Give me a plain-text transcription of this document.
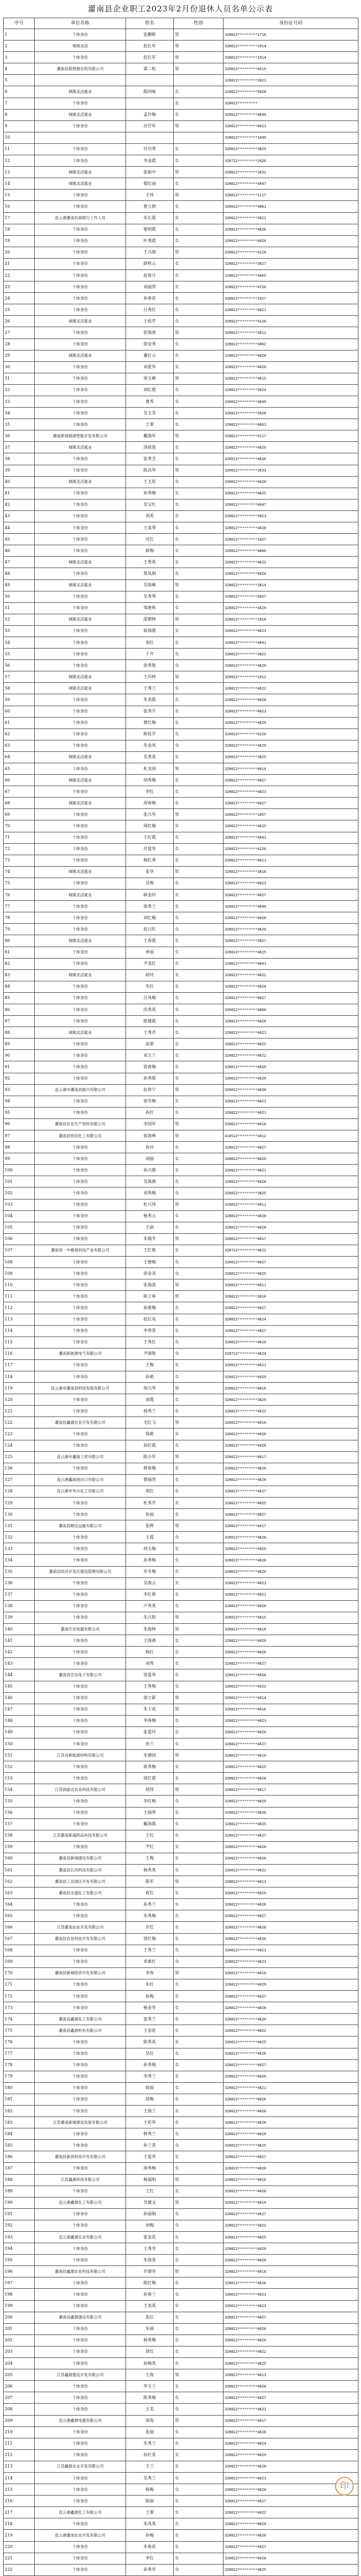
灌南县企业职工2023年2月份退休人员名单公示表
序号	单位名称	姓名	性别	身份证号码
1	个体身份	张鹏晖	男	320822*********1710
2	城镇灵活	赵长军	男	320822*********2914
3	个体身份	赵长军	男	320822*********1914
4	灌南县植物源农药有限公司	第二松	男	320822*********4519
5				320822*********3023
6	城镇灵活就业	陈四妹	女	320822*********5028
7	个体身份		女	320822*********
8	城镇灵活就业	孟伶梅	女	320822*********4649
9	个体身份	付仔军	男	320822*********4021
10				320822*********1049
11	个体身份	付功秀	女	320822*********3829
12	个体身份	李金霞	女	320722*********3926
13	城镇灵活就业	张振中	男	320822*********3032
14	城镇灵活就业	郁红丽	女	320822*********4047
15	个体身份	王伟	男	320822*********1117
16	个体身份	曹立群	女	320822*********4061
17	连云港灌南农商银行工作人员	朱长霞	女	320822*********3021
18	个体身份	郁明霞	女	320822*********4626
19	个体身份	叶秀霞	女	320822*********4024
20	个体身份	王兴海	男	320822*********4118
21	个体身份	薛秋云	女	320822*********3027
22	个体身份	赵春月	女	320822*********4665
23	个体身份	刘丽萍	女	320822*********4726
24	个体身份	孙春花	女	320822*********1027
25	个体身份	吕秀红	女	320822*********4021
26	城镇灵活就业	王桂芹	女	320822*********4126
27	个体身份	彭海涛	男	320822*********3012
28	个体身份	徐金秀	女	320822*********3062
29	城镇灵活就业	董红云	女	320822*********4028
30	个体身份	刘爱华	女	320822*********4020
31	个体身份	周玉峰	男	320822*********4615
32	个体身份	刘红霞	女	320822*********3024
33	个体身份	曹秀	女	320822*********4049
34	个体身份	吴玉芬	女	320822*********3028
35	个体身份	王翠	女	320822*********4661
36	灌南新城源源智能开发有限公司	戴海军	男	320822*********4117
37	城镇灵活就业	汤蓓莲	女	320822*********4029
38	个体身份	张秀芝	女	320822*********4620
39	个体身份	陈昌华	男	320822*********3033
40	城镇灵活就业	王玉伦	女	320822*********4020
41	个体身份	孙秀梅	女	320822*********4625
42	个体身份	吴宝红	女	320822*********4047
43	个体身份	刘英	女	320822*********3023
44	个体身份	王美琴	女	320822*********4020
45	个体身份	沈红	女	320822*********1027
46	个体身份	薛梅	女	320822*********4666
47	城镇灵活就业	王秀英	女	320822*********4622
48	个体身份	郑凤娟	女	320822*********4028
49	城镇灵活就业	吴海峰	男	320822*********3814
50	个体身份	吴秀琴	女	320822*********4027
51	个体身份	邹艳秋	女	320822*********4629
52	城镇灵活就业	邵德林	男	320822*********1018
53	个体身份	蒋海霞	女	320822*********4623
54	个体身份	周红	女	320822*********4041
55	个体身份	于芹	女	320822*********3022
56	个体身份	徐秀艳	女	320822*********4620
57	城镇灵活就业	王丙林	男	320822*********1012
58	城镇灵活就业	王秀兰	女	320822*********4622
59	个体身份	朱美霞	女	320822*********4028
60	个体身份	张秀平	女	320822*********4023
61	个体身份	曹红梅	女	320822*********4629
62	个体身份	陈桂芹	女	320822*********4220
63	个体身份	朱金凤	女	320822*********4629
64	城镇灵活就业	吴秀英	女	320822*********3825
65	个体身份	杜龙国	男	320822*********4014
66	城镇灵活就业	胡秀梅	女	320822*********4027
67	个体身份	李红	女	320822*********4023
68	城镇灵活就业	周春梅	女	320822*********4027
69	个体身份	张兴华	男	320822*********1057
70	个体身份	周红梅	女	320822*********4625
71	个体身份	王红霞	女	320822*********4041
72	个体身份	付爱华	女	320822*********4120
73	个体身份	杨红秀	女	320822*********4621
74	城镇灵活就业	张华	男	320822*********3810
75	个体身份	吴梅	女	320822*********4023
76	城镇灵活就业	薛金玲	女	320822*********4027
77	个体身份	徐秀兰	女	320822*********4049
78	个体身份	刘红梅	女	320822*********4020
79	个体身份	赵兴红	女	320822*********4629
80	城镇灵活就业	王春霞	女	320822*********3027
81	个体身份	单丽	女	320822*********4625
82	个体身份	尹美红	女	320822*********4041
83	城镇灵活就业	胡玲	女	320822*********4622
84	个体身份	朱红	女	320822*********4024
85	个体身份	吕凤梅	女	320822*********4027
86	个体身份	沈秀英	女	320822*********4660
87	个体身份	陈建霞	女	320822*********4028
88	城镇灵活就业	王秀芹	女	320822*********4621
89	个体身份	高翠	女	320822*********4025
90	个体身份	刘玉兰	女	320822*********4622
91	个体身份	徐春梅	女	320822*********4029
92	个体身份	孙秀霞	女	320822*********4629
93	连云港市灌南县振兴有限公司	赵春宁	男	320822*********4038
94	个体身份	徐冬梅	女	320822*********4023
95	个体身份	孙红	女	320822*********4621
96	灌南县农业生产资料有限公司	李国军	男	320822*********4010
97	灌南县恒信化工有限公司	蒋海林	男	410522*********3012
98	个体身份	孙玲	女	320822*********4027
99	个体身份	刘丽	女	320822*********4026
100	个体身份	孙兴霞	女	320822*********4621
101	个体身份	吴海燕	女	320822*********4028
102	个体身份	刘秀梅	女	320822*********3825
103	个体身份	杜兴伟	男	320822*********4011
104	个体身份	杨秀云	女	320822*********4020
105	个体身份	王丽	女	320822*********4028
106	个体身份	朱瑞冬	男	320822*********4017
107	灌南县一中蜂窝科技产业有限公司	王红艳	女	320722*********4622
108	个体身份	王德梅	女	320822*********4027
109	个体身份	徐金美	女	320822*********4025
110	个体身份	张海波	男	320822*********4011
111	个体身份	陈立春	男	320822*********3810
112	个体身份	孙艳梅	女	320822*********4027
113	个体身份	赵长凤	女	320822*********4624
114	个体身份	李秀英	女	320822*********4027
115	个体身份	王秀红	女	320822*********4629
116	灌南新能源电气有限公司	尹海艳	女	320722*********4624
117	个体身份	王梅	女	320822*********4621
118	个体身份	孙艳	女	320822*********4029
119	连云港市灌南县科技发展有限公司	周兴华	男	320822*********4016
120	个体身份	刘霞	女	320822*********3829
121	个体身份	杨秀兰	女	320822*********4622
122	灌南县鑫盛农业开发有限公司	毛红飞	男	320822*********4016
123	个体身份	钱艳	女	320822*********4026
124	个体身份	孙红霞	女	320822*********4028
125	连云港市鑫海工贸有限公司	陈小军	男	320822*********4017
126	个体身份	韩春梅	女	320822*********4629
127	连云港鑫海进出口有限公司	曹丽萍	女	320822*********4620
128	连云港市华兴化工有限公司	周红	女	320822*********4627
129	个体身份	杜秀芹	女	320822*********4025
130	个体身份	孙丽	女	320822*********4027
131	灌南县顺达运输有限公司	张辉	男	320822*********4017
132	个体身份	王霞	女	320822*********4628
133	个体身份	胡玉梅	女	320822*********4029
134	个体身份	孙秀梅	女	320822*********4020
135	灌南县经济开发区建设管理有限公司	许冬梅	女	320822*********4620
136	个体身份	吴海云	女	320822*********4023
137	个体身份	李红艳	女	320822*********4021
138	个体身份	卢秀英	女	320822*********4020
139	个体身份	朱兴和	男	320822*********4015
140	灌南宏达电器有限公司	朱海林	男	320822*********4018
141	个体身份	王海燕	女	320822*********4029
142	个体身份	杨红	女	320822*********4026
143	个体身份	刘秀	女	320822*********4627
144	灌南县宏达电子有限公司	徐爱华	女	320822*********4028
145	个体身份	王秀梅	女	320822*********4022
146	个体身份	徐立新	男	320822*********4014
147	个体身份	朱士成	男	320822*********4016
148	个体身份	李春梅	女	320822*********4623
149	个体身份	张爱玲	女	320822*********4029
150	个体身份	孙兰	女	320822*********4627
151	江苏省新能源材料有限公司	朱德国	男	320822*********4010
152	个体身份	蒋秀梅	女	320822*********4025
153	个体身份	周红霞	女	320822*********4028
154	江苏润富达农业科技有限公司	胡伟	男	320822*********4017
155	个体身份	李红梅	女	320822*********4029
156	个体身份	王丽萍	女	320822*********4626
157	个体身份	戴海霞	女	320822*********4025
158	江苏灌南新盛药品科技有限公司	王红	女	320822*********4627
159	个体身份	尹红	女	320822*********4028
160	灌南县新城建设有限公司	王梅	女	320822*********4020
161	灌南县长河科技有限公司	杨秀英	女	320822*********4622
162	灌南县工业园区开发有限公司	陈军	男	320822*********4013
163	灌南县永盛化工有限公司	蒋红	女	320822*********4029
164	个体身份	孙秀兰	女	320822*********4626
165	个体身份	朱秀梅	女	320822*********4027
166	江苏灌南农业开发有限公司	许红	女	320822*********4028
167	灌南县农业科技开发有限公司	徐红梅	女	320822*********4620
168	个体身份	王秀兰	女	320822*********4021
169	个体身份	章素红	女	320822*********4623
170	灌南县新城投资开发有限公司	李春	男	320822*********4010
171	个体身份	朱红	女	320822*********4029
172	个体身份	孙梅	女	320822*********4627
173	个体身份	杨金华	女	320822*********4028
174	灌南县鑫源化工有限公司	张秀兰	女	320822*********4620
175	灌南县鑫源机电有限公司	王金花	女	320822*********4022
176	个体身份	陈秀英	女	320822*********4025
177	个体身份	吴红	女	320822*********4626
178	个体身份	孙秀梅	女	320822*********4027
179	个体身份	李秀兰	女	320822*********4029
180	个体身份	蒋丽	女	320822*********4621
181	个体身份	徐梅	女	320822*********4026
182	个体身份	王海兰	女	320822*********4028
183	江苏灌南新城建设发展有限公司	王彩华	女	320822*********4620
184	个体身份	韩秀兰	女	320822*********4029
185	个体身份	孙兰英	女	320822*********4625
186	灌南县新创科技开发有限公司	王爱华	女	320822*********4027
187	个体身份	周秀梅	女	320822*********4020
188	江苏鑫源科技有限公司	杨福明	男	320822*********4016
189	个体身份	王红	女	320822*********4028
190	连云港鑫源化工有限公司	吴建文	男	320822*********4019
191	个体身份	孙丽娟	女	320822*********4627
192	个体身份	刘梅	女	320822*********4022
193	连云港鑫源实业有限公司	张金花	女	320822*********4025
194	个体身份	王秀芳	女	320822*********4029
195	个体身份	朱海英	女	320822*********4028
196	灌南县鑫源农业科技有限公司	许德华	男	320822*********4018
197	个体身份	陈红梅	女	320822*********4626
198	个体身份	孙春兰	女	320822*********4021
199	个体身份	王美英	女	320822*********4023
200	灌南县鑫源建设有限公司	张红	女	320822*********4027
201	个体身份	朱丽	女	320822*********4620
202	个体身份	杨秀梅	女	320822*********4029
203	个体身份	徐红	女	320822*********4022
204	个体身份	孙梅英	女	320822*********4625
205	江苏鑫源建设开发有限公司	王海	男	320822*********4013
206	个体身份	李玉兰	女	320822*********4028
207	个体身份	陈秀梅	女	320822*********4027
208	个体身份	王美	女	320822*********4621
209	连云港鑫源电器有限公司	周海	男	320822*********4017
210	个体身份	张丽	女	320822*********4626
211	个体身份	朱秀兰	女	320822*********4024
212	个体身份	孙红英	女	320822*********4029
213	江苏鑫源农业开发有限公司	王兰	女	320822*********4620
214	个体身份	吴秀兰	女	320822*********4023
215	个体身份	杨梅	女	320822*********4028
216	个体身份	陈丽	女	320822*********4627
217	连云港鑫源化工有限公司	王翠	女	320822*********4022
218	个体身份	朱凤英	女	320822*********4029
219	连云港灌南农业开发有限公司	孙梅	女	320822*********4620
220	个体身份	朱春花	女	320822*********4027
221	个体身份	李红	女	320822*********4028
222	个体身份	孙秀华	女	320822*********4625
印
